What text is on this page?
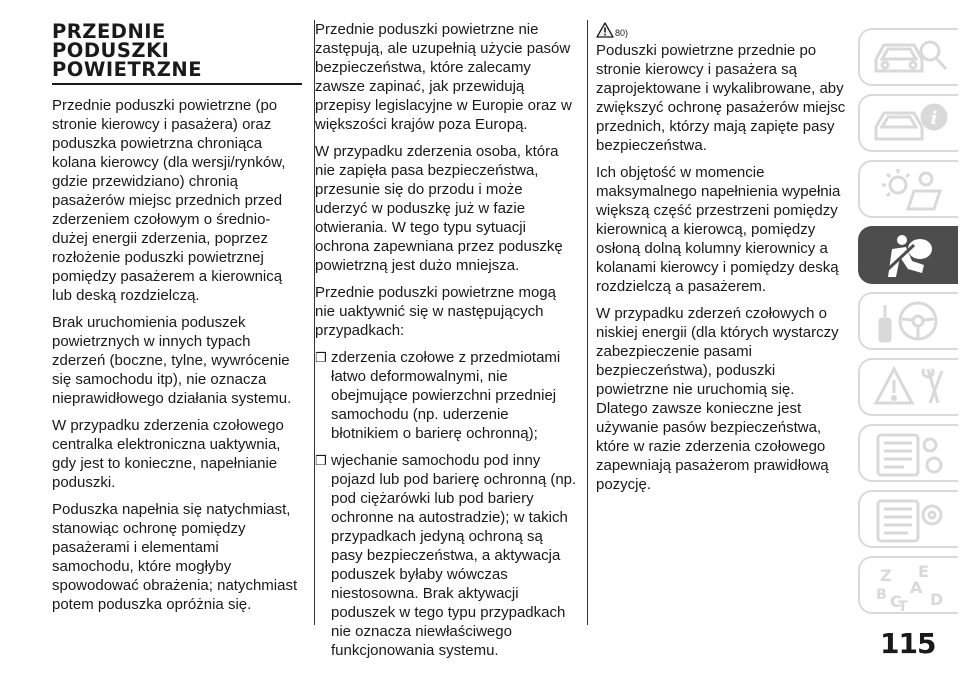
PRZEDNIE
PODUSZKI
POWIETRZNE

Przednie poduszki powietrzne (po stronie kierowcy i pasażera) oraz poduszka powietrzna chroniąca kolana kierowcy (dla wersji/rynków, gdzie przewidziano) chronią pasażerów miejsc przednich przed zderzeniem czołowym o średnio-dużej energii zderzenia, poprzez rozłożenie poduszki powietrznej pomiędzy pasażerem a kierownicą lub deską rozdzielczą.

Brak uruchomienia poduszek powietrznych w innych typach zderzeń (boczne, tylne, wywrócenie się samochodu itp), nie oznacza nieprawidłowego działania systemu.

W przypadku zderzenia czołowego centralka elektroniczna uaktywnia, gdy jest to konieczne, napełnianie poduszki.

Poduszka napełnia się natychmiast, stanowiąc ochronę pomiędzy pasażerami i elementami samochodu, które mogłyby spowodować obrażenia; natychmiast potem poduszka opróżnia się.

Przednie poduszki powietrzne nie zastępują, ale uzupełnią użycie pasów bezpieczeństwa, które zalecamy zawsze zapinać, jak przewidują przepisy legislacyjne w Europie oraz w większości krajów poza Europą.

W przypadku zderzenia osoba, która nie zapięła pasa bezpieczeństwa, przesunie się do przodu i może uderzyć w poduszkę już w fazie otwierania. W tego typu sytuacji ochrona zapewniana przez poduszkę powietrzną jest dużo mniejsza.

Przednie poduszki powietrzne mogą nie uaktywnić się w następujących przypadkach:

❒ zderzenia czołowe z przedmiotami łatwo deformowalnymi, nie obejmujące powierzchni przedniej samochodu (np. uderzenie błotnikiem o barierę ochronną);
❒ wjechanie samochodu pod inny pojazd lub pod barierę ochronną (np. pod ciężarówki lub pod bariery ochronne na autostradzie); w takich przypadkach jedyną ochroną są pasy bezpieczeństwa, a aktywacja poduszek byłaby wówczas niestosowna. Brak aktywacji poduszek w tego typu przypadkach nie oznacza niewłaściwego funkcjonowania systemu.
80)

Poduszki powietrzne przednie po stronie kierowcy i pasażera są zaprojektowane i wykalibrowane, aby zwiększyć ochronę pasażerów miejsc przednich, którzy mają zapięte pasy bezpieczeństwa.

Ich objętość w momencie maksymalnego napełnienia wypełnia większą część przestrzeni pomiędzy kierownicą a kierowcą, pomiędzy osłoną dolną kolumny kierownicy a kolanami kierowcy i pomiędzy deską rozdzielczą a pasażerem.

W przypadku zderzeń czołowych o niskiej energii (dla których wystarczy zabezpieczenie pasami bezpieczeństwa), poduszki powietrzne nie uruchomią się. Dlatego zawsze konieczne jest używanie pasów bezpieczeństwa, które w razie zderzenia czołowego zapewniają pasażerom prawidłową pozycję.

i
Z E
A
B C D
T
115
